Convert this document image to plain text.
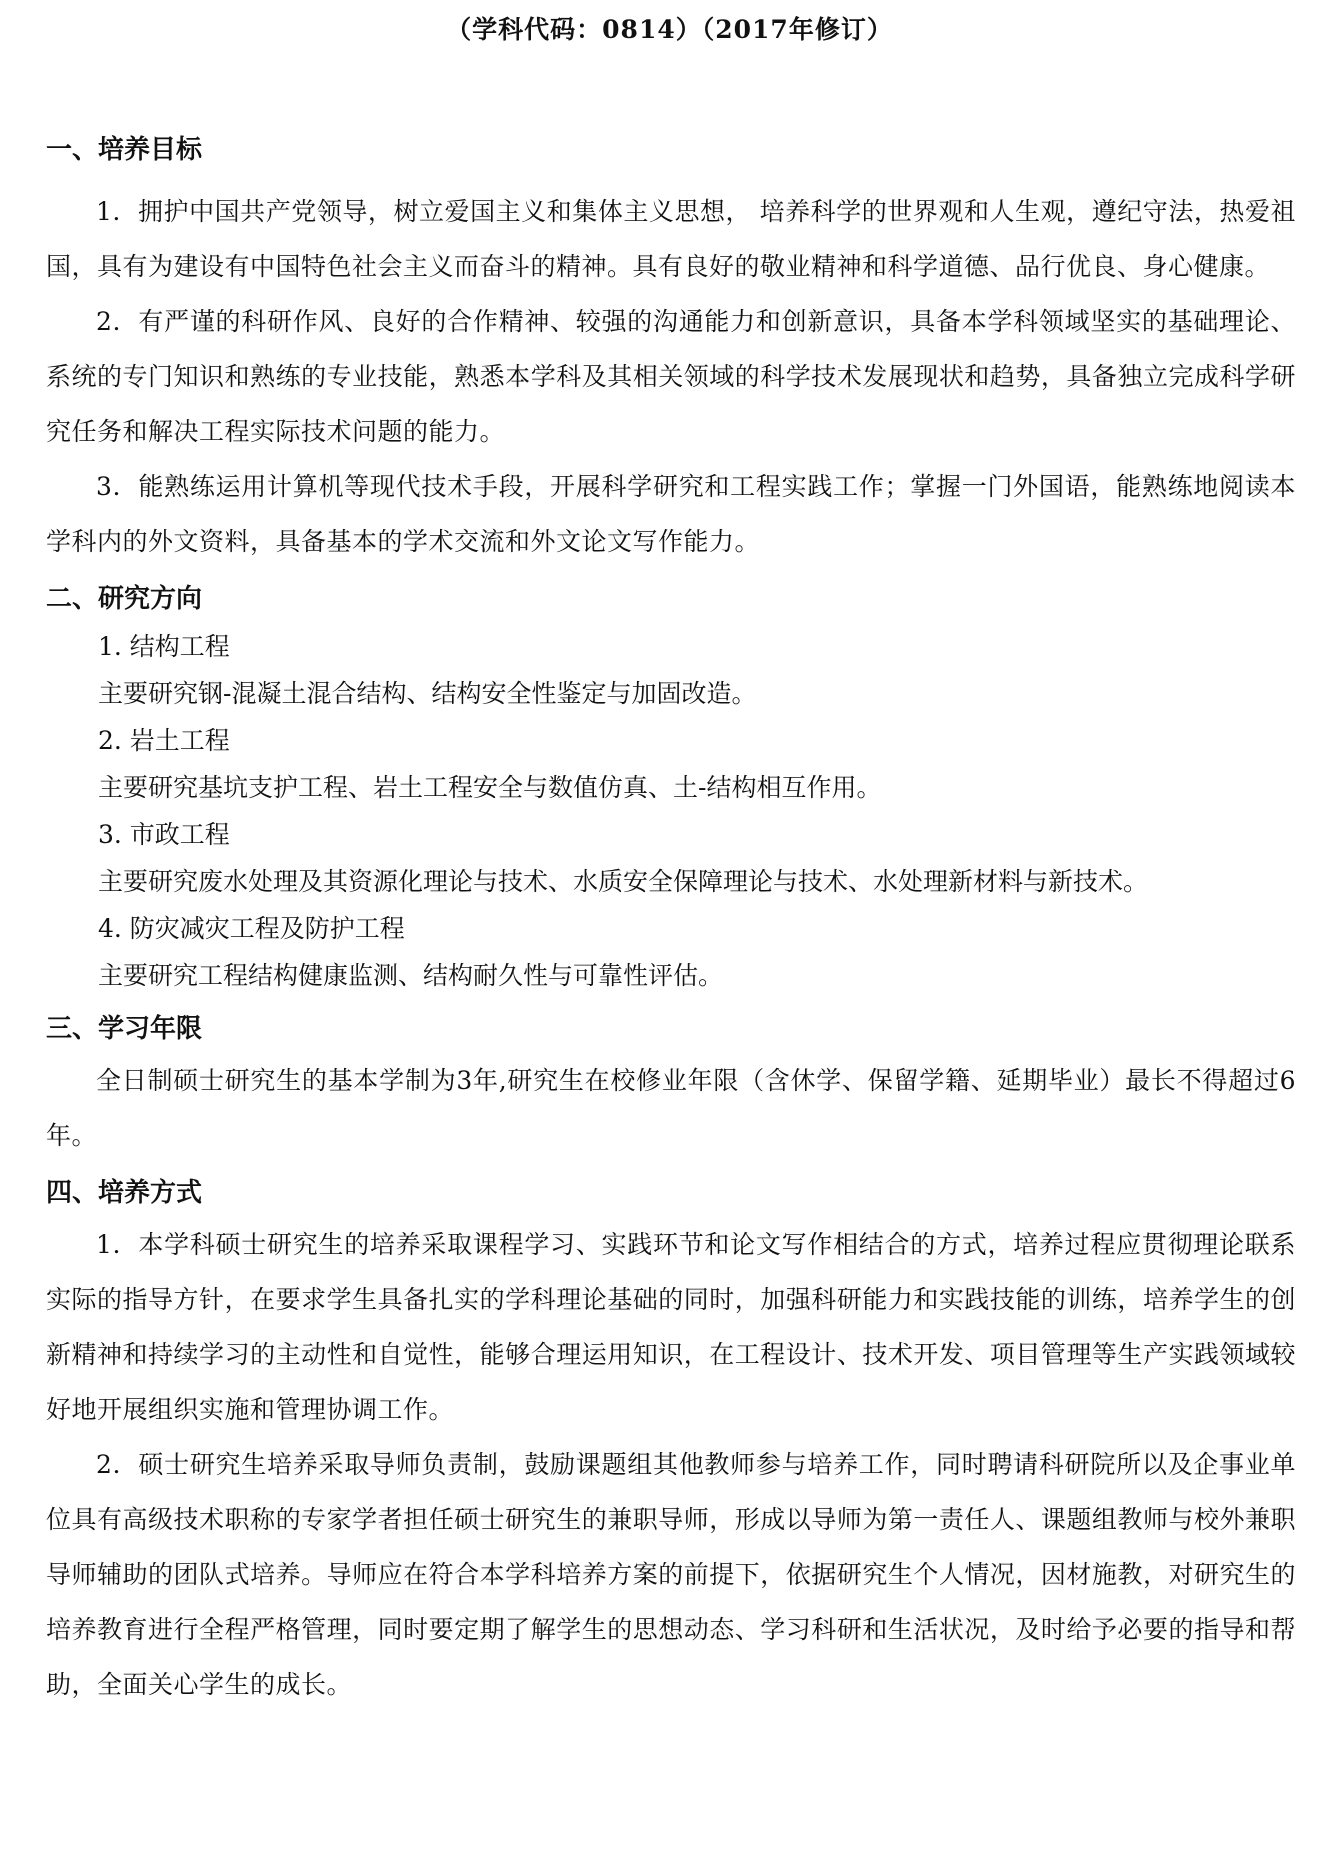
（学科代码：0814）（2017年修订）
一、培养目标

1．拥护中国共产党领导，树立爱国主义和集体主义思想， 培养科学的世界观和人生观，遵纪守法，热爱祖国，具有为建设有中国特色社会主义而奋斗的精神。具有良好的敬业精神和科学道德、品行优良、身心健康。

2．有严谨的科研作风、良好的合作精神、较强的沟通能力和创新意识，具备本学科领域坚实的基础理论、系统的专门知识和熟练的专业技能，熟悉本学科及其相关领域的科学技术发展现状和趋势，具备独立完成科学研究任务和解决工程实际技术问题的能力。

3．能熟练运用计算机等现代技术手段，开展科学研究和工程实践工作；掌握一门外国语，能熟练地阅读本学科内的外文资料，具备基本的学术交流和外文论文写作能力。

二、研究方向

1. 结构工程

主要研究钢-混凝土混合结构、结构安全性鉴定与加固改造。

2. 岩土工程

主要研究基坑支护工程、岩土工程安全与数值仿真、土-结构相互作用。

3. 市政工程

主要研究废水处理及其资源化理论与技术、水质安全保障理论与技术、水处理新材料与新技术。

4. 防灾减灾工程及防护工程

主要研究工程结构健康监测、结构耐久性与可靠性评估。

三、学习年限

全日制硕士研究生的基本学制为3年,研究生在校修业年限（含休学、保留学籍、延期毕业）最长不得超过6年。

四、培养方式

1．本学科硕士研究生的培养采取课程学习、实践环节和论文写作相结合的方式，培养过程应贯彻理论联系实际的指导方针，在要求学生具备扎实的学科理论基础的同时，加强科研能力和实践技能的训练，培养学生的创新精神和持续学习的主动性和自觉性，能够合理运用知识，在工程设计、技术开发、项目管理等生产实践领域较好地开展组织实施和管理协调工作。

2．硕士研究生培养采取导师负责制，鼓励课题组其他教师参与培养工作，同时聘请科研院所以及企事业单位具有高级技术职称的专家学者担任硕士研究生的兼职导师，形成以导师为第一责任人、课题组教师与校外兼职导师辅助的团队式培养。导师应在符合本学科培养方案的前提下，依据研究生个人情况，因材施教，对研究生的培养教育进行全程严格管理，同时要定期了解学生的思想动态、学习科研和生活状况，及时给予必要的指导和帮助，全面关心学生的成长。
